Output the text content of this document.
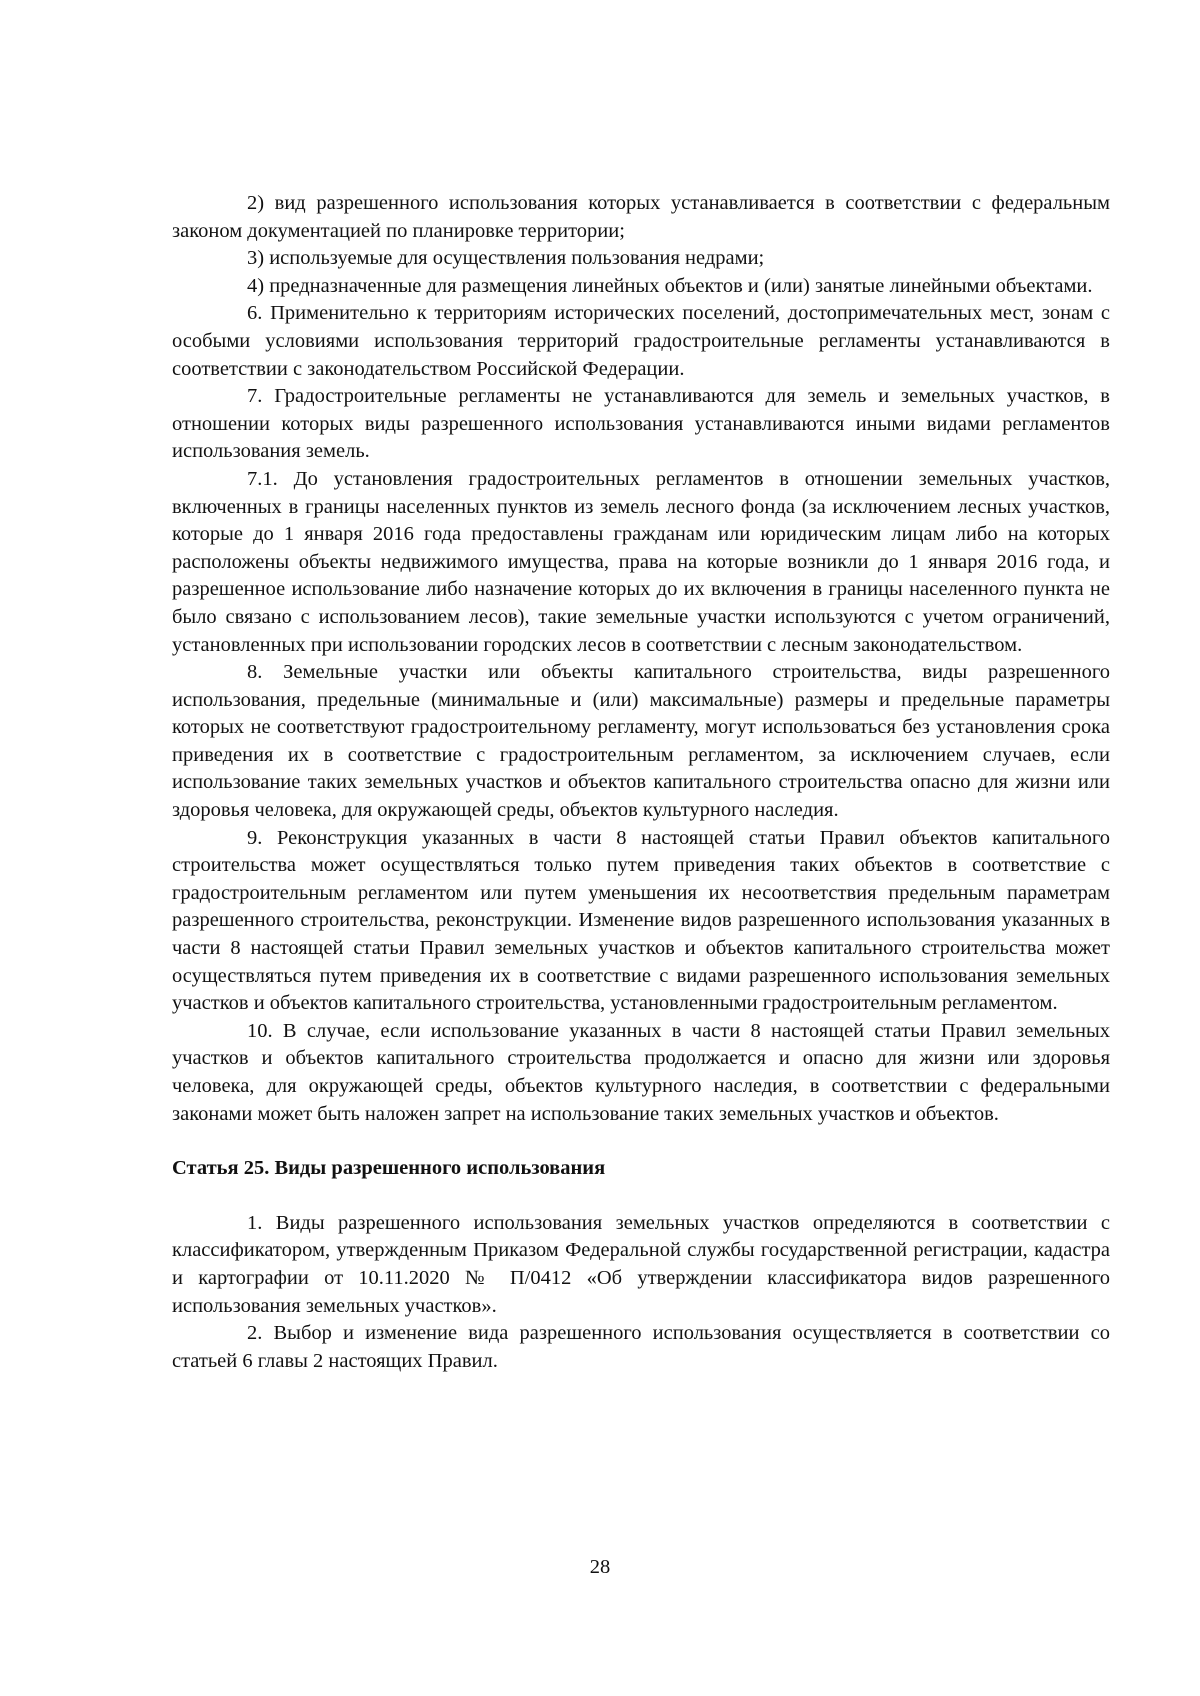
2) вид разрешенного использования которых устанавливается в соответствии с федеральным законом документацией по планировке территории;

3) используемые для осуществления пользования недрами;

4) предназначенные для размещения линейных объектов и (или) занятые линейными объектами.

6. Применительно к территориям исторических поселений, достопримечательных мест, зонам с особыми условиями использования территорий градостроительные регламенты устанавливаются в соответствии с законодательством Российской Федерации.

7. Градостроительные регламенты не устанавливаются для земель и земельных участков, в отношении которых виды разрешенного использования устанавливаются иными видами регламентов использования земель.

7.1. До установления градостроительных регламентов в отношении земельных участков, включенных в границы населенных пунктов из земель лесного фонда (за исключением лесных участков, которые до 1 января 2016 года предоставлены гражданам или юридическим лицам либо на которых расположены объекты недвижимого имущества, права на которые возникли до 1 января 2016 года, и разрешенное использование либо назначение которых до их включения в границы населенного пункта не было связано с использованием лесов), такие земельные участки используются с учетом ограничений, установленных при использовании городских лесов в соответствии с лесным законодательством.

8. Земельные участки или объекты капитального строительства, виды разрешенного использования, предельные (минимальные и (или) максимальные) размеры и предельные параметры которых не соответствуют градостроительному регламенту, могут использоваться без установления срока приведения их в соответствие с градостроительным регламентом, за исключением случаев, если использование таких земельных участков и объектов капитального строительства опасно для жизни или здоровья человека, для окружающей среды, объектов культурного наследия.

9. Реконструкция указанных в части 8 настоящей статьи Правил объектов капитального строительства может осуществляться только путем приведения таких объектов в соответствие с градостроительным регламентом или путем уменьшения их несоответствия предельным параметрам разрешенного строительства, реконструкции. Изменение видов разрешенного использования указанных в части 8 настоящей статьи Правил земельных участков и объектов капитального строительства может осуществляться путем приведения их в соответствие с видами разрешенного использования земельных участков и объектов капитального строительства, установленными градостроительным регламентом.

10. В случае, если использование указанных в части 8 настоящей статьи Правил земельных участков и объектов капитального строительства продолжается и опасно для жизни или здоровья человека, для окружающей среды, объектов культурного наследия, в соответствии с федеральными законами может быть наложен запрет на использование таких земельных участков и объектов.

Статья 25. Виды разрешенного использования

1. Виды разрешенного использования земельных участков определяются в соответствии с классификатором, утвержденным Приказом Федеральной службы государственной регистрации, кадастра и картографии от 10.11.2020 № П/0412 «Об утверждении классификатора видов разрешенного использования земельных участков».

2. Выбор и изменение вида разрешенного использования осуществляется в соответствии со статьей 6 главы 2 настоящих Правил.

28
